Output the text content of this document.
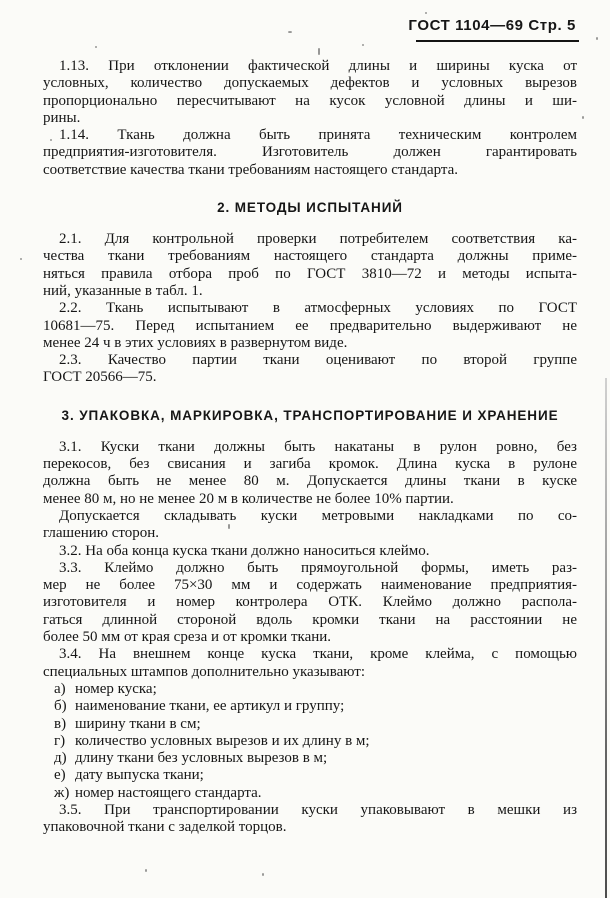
ГОСТ 1104—69 Стр. 5
1.13. При отклонении фактической длины и ширины куска от
условных, количество допускаемых дефектов и условных вырезов
пропорционально пересчитывают на кусок условной длины и ши-
рины.
1.14. Ткань должна быть принята техническим контролем
предприятия-изготовителя. Изготовитель должен гарантировать
соответствие качества ткани требованиям настоящего стандарта.
2. МЕТОДЫ ИСПЫТАНИЙ
2.1. Для контрольной проверки потребителем соответствия ка-
чества ткани требованиям настоящего стандарта должны приме-
няться правила отбора проб по ГОСТ 3810—72 и методы испыта-
ний, указанные в табл. 1.
2.2. Ткань испытывают в атмосферных условиях по ГОСТ
10681—75. Перед испытанием ее предварительно выдерживают не
менее 24 ч в этих условиях в развернутом виде.
2.3. Качество партии ткани оценивают по второй группе
ГОСТ 20566—75.
3. УПАКОВКА, МАРКИРОВКА, ТРАНСПОРТИРОВАНИЕ И ХРАНЕНИЕ
3.1. Куски ткани должны быть накатаны в рулон ровно, без
перекосов, без свисания и загиба кромок. Длина куска в рулоне
должна быть не менее 80 м. Допускается длины ткани в куске
менее 80 м, но не менее 20 м в количестве не более 10% партии.
Допускается складывать куски метровыми накладками по со-
глашению сторон.
3.2. На оба конца куска ткани должно наноситься клеймо.
3.3. Клеймо должно быть прямоугольной формы, иметь раз-
мер не более 75×30 мм и содержать наименование предприятия-
изготовителя и номер контролера ОТК. Клеймо должно распола-
гаться длинной стороной вдоль кромки ткани на расстоянии не
более 50 мм от края среза и от кромки ткани.
3.4. На внешнем конце куска ткани, кроме клейма, с помощью
специальных штампов дополнительно указывают:
а) номер куска;
б) наименование ткани, ее артикул и группу;
в) ширину ткани в см;
г) количество условных вырезов и их длину в м;
д) длину ткани без условных вырезов в м;
е) дату выпуска ткани;
ж) номер настоящего стандарта.
3.5. При транспортировании куски упаковывают в мешки из
упаковочной ткани с заделкой торцов.
